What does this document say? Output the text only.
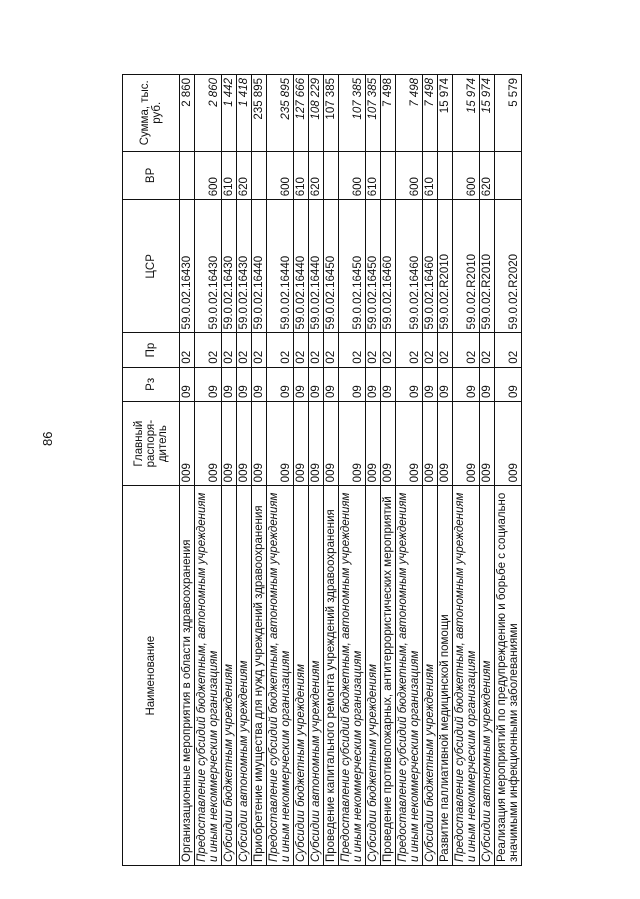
86
Наименование	Главный распоря-дитель	Рз	Пр	ЦСР	ВР	Сумма, тыс. руб.
Организационные мероприятия в области здравоохранения	009	09	02	59.0.02.16430		2 860
Предоставление субсидий бюджетным, автономным учреждениям и иным некоммерческим организациям	009	09	02	59.0.02.16430	600	2 860
Субсидии бюджетным учреждениям	009	09	02	59.0.02.16430	610	1 442
Субсидии автономным учреждениям	009	09	02	59.0.02.16430	620	1 418
Приобретение имущества для нужд учреждений здравоохранения	009	09	02	59.0.02.16440		235 895
Предоставление субсидий бюджетным, автономным учреждениям и иным некоммерческим организациям	009	09	02	59.0.02.16440	600	235 895
Субсидии бюджетным учреждениям	009	09	02	59.0.02.16440	610	127 666
Субсидии автономным учреждениям	009	09	02	59.0.02.16440	620	108 229
Проведение капитального ремонта учреждений здравоохранения	009	09	02	59.0.02.16450		107 385
Предоставление субсидий бюджетным, автономным учреждениям и иным некоммерческим организациям	009	09	02	59.0.02.16450	600	107 385
Субсидии бюджетным учреждениям	009	09	02	59.0.02.16450	610	107 385
Проведение противопожарных, антитеррористических мероприятий	009	09	02	59.0.02.16460		7 498
Предоставление субсидий бюджетным, автономным учреждениям и иным некоммерческим организациям	009	09	02	59.0.02.16460	600	7 498
Субсидии бюджетным учреждениям	009	09	02	59.0.02.16460	610	7 498
Развитие паллиативной медицинской помощи	009	09	02	59.0.02.R2010		15 974
Предоставление субсидий бюджетным, автономным учреждениям и иным некоммерческим организациям	009	09	02	59.0.02.R2010	600	15 974
Субсидии автономным учреждениям	009	09	02	59.0.02.R2010	620	15 974
Реализация мероприятий по предупреждению и борьбе с социально значимыми инфекционными заболеваниями	009	09	02	59.0.02.R2020		5 579
